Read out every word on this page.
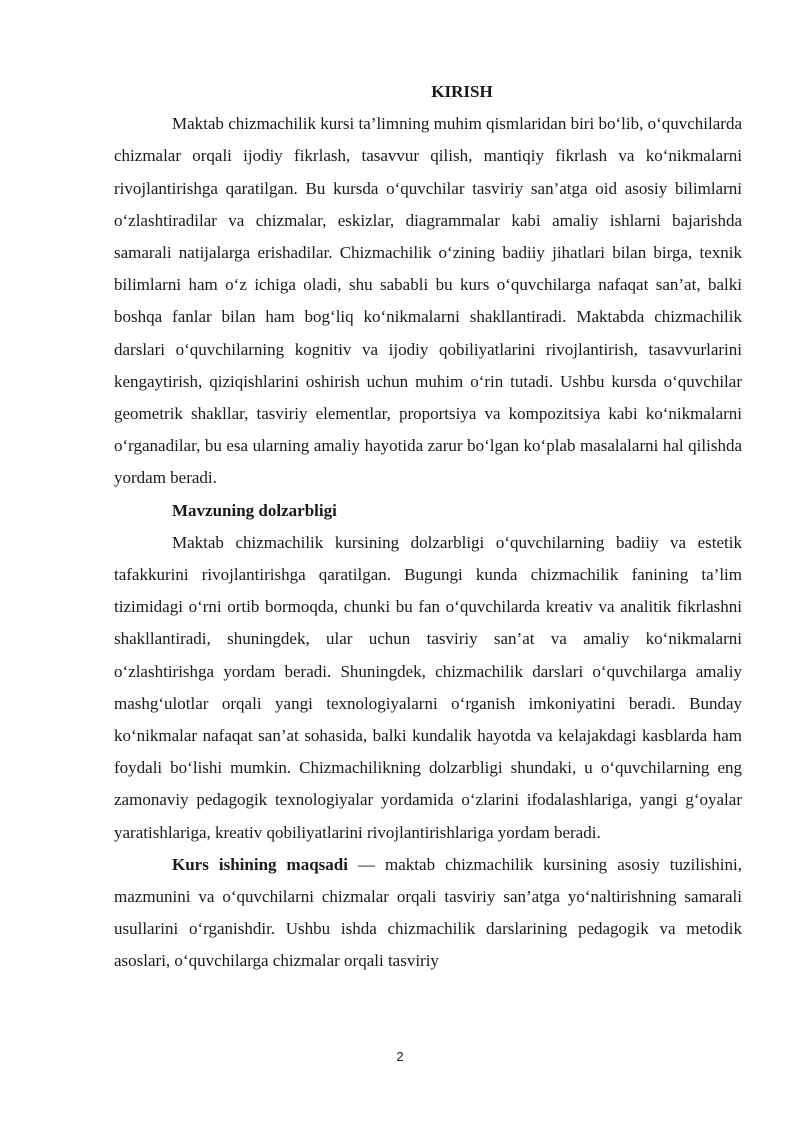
KIRISH

Maktab chizmachilik kursi ta’limning muhim qismlaridan biri bo‘lib, o‘quvchilarda chizmalar orqali ijodiy fikrlash, tasavvur qilish, mantiqiy fikrlash va ko‘nikmalarni rivojlantirishga qaratilgan. Bu kursda o‘quvchilar tasviriy san’atga oid asosiy bilimlarni o‘zlashtiradilar va chizmalar, eskizlar, diagrammalar kabi amaliy ishlarni bajarishda samarali natijalarga erishadilar. Chizmachilik o‘zining badiiy jihatlari bilan birga, texnik bilimlarni ham o‘z ichiga oladi, shu sababli bu kurs o‘quvchilarga nafaqat san’at, balki boshqa fanlar bilan ham bog‘liq ko‘nikmalarni shakllantiradi. Maktabda chizmachilik darslari o‘quvchilarning kognitiv va ijodiy qobiliyatlarini rivojlantirish, tasavvurlarini kengaytirish, qiziqishlarini oshirish uchun muhim o‘rin tutadi. Ushbu kursda o‘quvchilar geometrik shakllar, tasviriy elementlar, proportsiya va kompozitsiya kabi ko‘nikmalarni o‘rganadilar, bu esa ularning amaliy hayotida zarur bo‘lgan ko‘plab masalalarni hal qilishda yordam beradi.

Mavzuning dolzarbligi

Maktab chizmachilik kursining dolzarbligi o‘quvchilarning badiiy va estetik tafakkurini rivojlantirishga qaratilgan. Bugungi kunda chizmachilik fanining ta’lim tizimidagi o‘rni ortib bormoqda, chunki bu fan o‘quvchilarda kreativ va analitik fikrlashni shakllantiradi, shuningdek, ular uchun tasviriy san’at va amaliy ko‘nikmalarni o‘zlashtirishga yordam beradi. Shuningdek, chizmachilik darslari o‘quvchilarga amaliy mashg‘ulotlar orqali yangi texnologiyalarni o‘rganish imkoniyatini beradi. Bunday ko‘nikmalar nafaqat san’at sohasida, balki kundalik hayotda va kelajakdagi kasblarda ham foydali bo‘lishi mumkin. Chizmachilikning dolzarbligi shundaki, u o‘quvchilarning eng zamonaviy pedagogik texnologiyalar yordamida o‘zlarini ifodalashlariga, yangi g‘oyalar yaratishlariga, kreativ qobiliyatlarini rivojlantirishlariga yordam beradi.

Kurs ishining maqsadi — maktab chizmachilik kursining asosiy tuzilishini, mazmunini va o‘quvchilarni chizmalar orqali tasviriy san’atga yo‘naltirishning samarali usullarini o‘rganishdir. Ushbu ishda chizmachilik darslarining pedagogik va metodik asoslari, o‘quvchilarga chizmalar orqali tasviriy

2
